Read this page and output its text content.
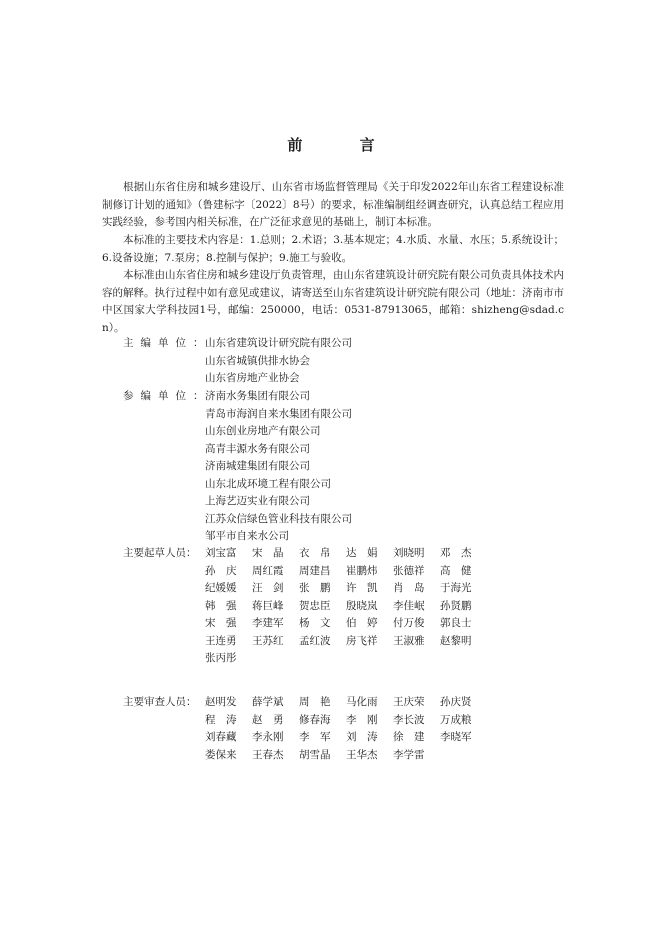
前 言

根据山东省住房和城乡建设厅、山东省市场监督管理局《关于印发2022年山东省工程建设标准制修订计划的通知》（鲁建标字〔2022〕8号）的要求，标准编制组经调查研究，认真总结工程应用实践经验，参考国内相关标准，在广泛征求意见的基础上，制订本标准。

本标准的主要技术内容是：1.总则；2.术语；3.基本规定；4.水质、水量、水压；5.系统设计；6.设备设施；7.泵房；8.控制与保护；9.施工与验收。

本标准由山东省住房和城乡建设厅负责管理，由山东省建筑设计研究院有限公司负责具体技术内容的解释。执行过程中如有意见或建议，请寄送至山东省建筑设计研究院有限公司（地址：济南市市中区国家大学科技园1号，邮编：250000，电话：0531-87913065，邮箱：shizheng@sdad.cn）。

主编单位：
山东省建筑设计研究院有限公司
山东省城镇供排水协会
山东省房地产业协会
参编单位：
济南水务集团有限公司
青岛市海润自来水集团有限公司
山东创业房地产有限公司
高青丰源水务有限公司
济南城建集团有限公司
山东北成环境工程有限公司
上海艺迈实业有限公司
江苏众信绿色管业科技有限公司
邹平市自来水公司
主要起草人员： 刘宝富	宋　晶	衣　帛	达　娟	刘晓明	邓　杰
孙　庆	周红霞	周建昌	崔鹏炜	张德祥	高　健
纪媛媛	汪　剑	张　鹏	许　凯	肖　岛	于海光
韩　强	蒋巨峰	贺忠臣	殷晓岚	李佳岷	孙贤鹏
宋　强	李建军	杨　文	伯　婷	付万俊	郭良士
王连勇	王苏红	孟红波	房飞祥	王淑雅	赵黎明
张丙彤
主要审查人员： 赵明发	薛学斌	周　艳	马化雨	王庆荣	孙庆贤
程　涛	赵　勇	修春海	李　刚	李长波	万成粮
刘春藏	李永刚	李　军	刘　涛	徐　建	李晓军
娄保来	王春杰	胡雪晶	王华杰	李学雷
